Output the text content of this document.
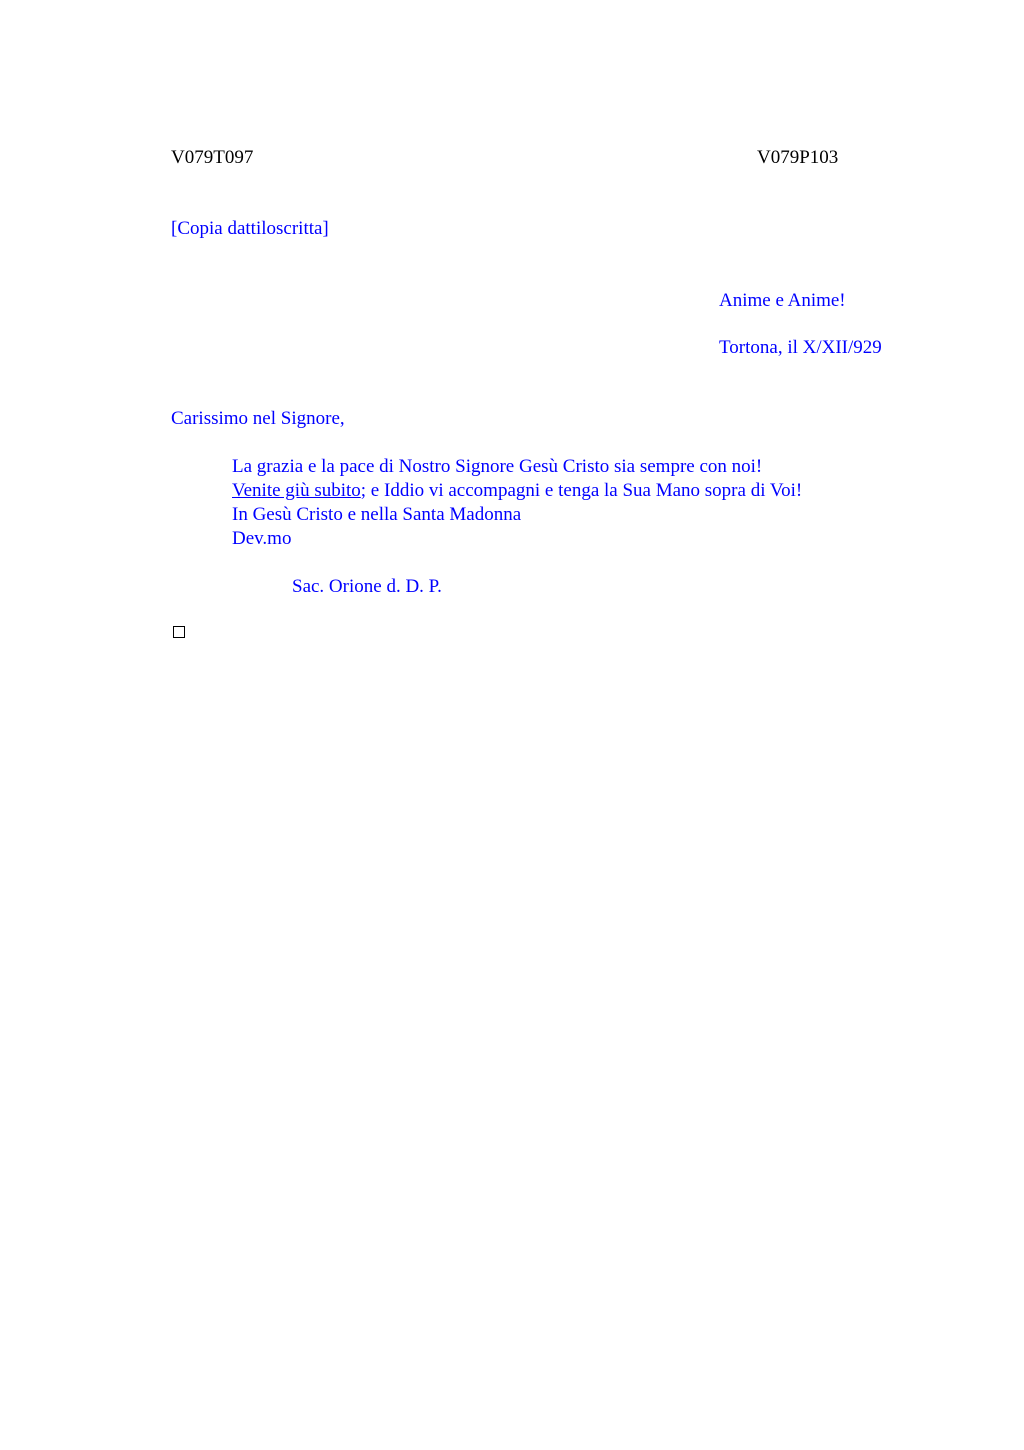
V079T097	V079P103
[Copia dattiloscritta]
Anime e Anime!
Tortona, il X/XII/929
Carissimo nel Signore,
La grazia e la pace di Nostro Signore Gesù Cristo sia sempre con noi!
Venite giù subito; e Iddio vi accompagni e tenga la Sua Mano sopra di Voi!
In Gesù Cristo e nella Santa Madonna
Dev.mo
Sac. Orione d. D. P.
